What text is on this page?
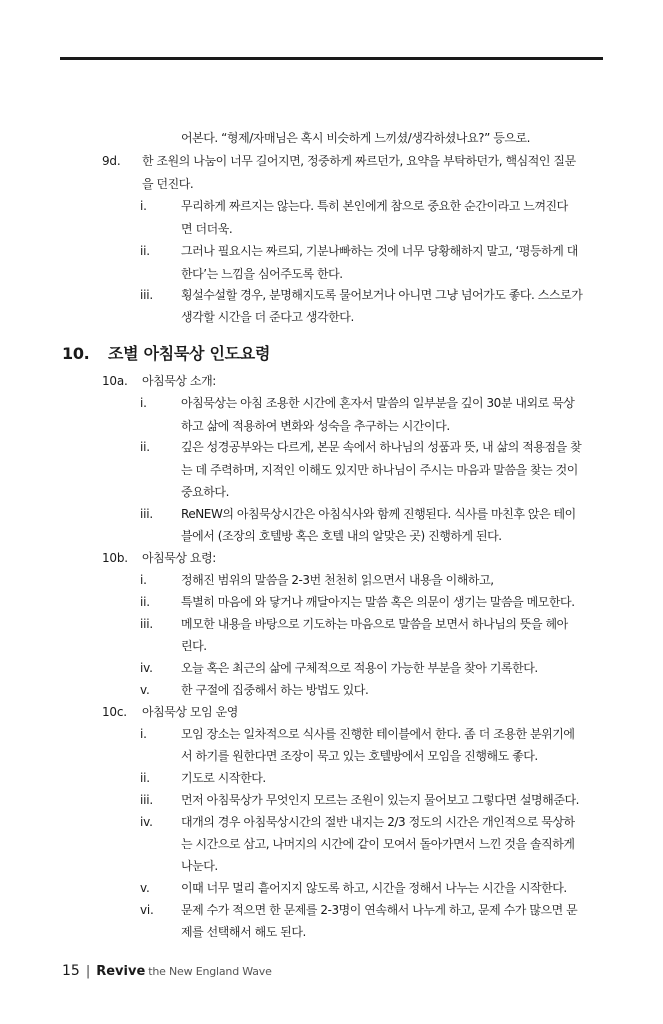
어본다. “형제/자매님은 혹시 비슷하게 느끼셨/생각하셨나요?” 등으로.
9d. 한 조원의 나눔이 너무 길어지면, 정중하게 짜르던가, 요약을 부탁하던가, 핵심적인 질문
을 던진다.
i.	무리하게 짜르지는 않는다. 특히 본인에게 참으로 중요한 순간이라고 느껴진다
면 더더욱.
ii.	그러나 필요시는 짜르되, 기분나빠하는 것에 너무 당황해하지 말고, ‘평등하게 대
한다’는 느낌을 심어주도록 한다.
iii. 횡설수설할 경우, 분명해지도록 물어보거나 아니면 그냥 넘어가도 좋다. 스스로가
생각할 시간을 더 준다고 생각한다.
10. 조별 아침묵상 인도요령
10a. 아침묵상 소개:
i.	아침묵상는 아침 조용한 시간에 혼자서 말씀의 일부분을 깊이 30분 내외로 묵상
하고 삶에 적용하여 변화와 성숙을 추구하는 시간이다.
ii.	깊은 성경공부와는 다르게, 본문 속에서 하나님의 성품과 뜻, 내 삶의 적용점을 찾
는 데 주력하며, 지적인 이해도 있지만 하나님이 주시는 마음과 말씀을 찾는 것이
중요하다.
iii. ReNEW의 아침묵상시간은 아침식사와 함께 진행된다. 식사를 마친후 앉은 테이
블에서 (조장의 호텔방 혹은 호텔 내의 알맞은 곳) 진행하게 된다.
10b. 아침묵상 요령:
i.	정해진 범위의 말씀을 2-3번 천천히 읽으면서 내용을 이해하고,
ii.	특별히 마음에 와 닿거나 깨달아지는 말씀 혹은 의문이 생기는 말씀을 메모한다.
iii. 메모한 내용을 바탕으로 기도하는 마음으로 말씀을 보면서 하나님의 뜻을 헤아
린다.
iv. 오늘 혹은 최근의 삶에 구체적으로 적용이 가능한 부분을 찾아 기록한다.
v.	한 구절에 집중해서 하는 방법도 있다.
10c. 아침묵상 모임 운영
i.	모임 장소는 일차적으로 식사를 진행한 테이블에서 한다. 좀 더 조용한 분위기에
서 하기를 원한다면 조장이 묵고 있는 호텔방에서 모임을 진행해도 좋다.
ii.	기도로 시작한다.
iii. 먼저 아침묵상가 무엇인지 모르는 조원이 있는지 물어보고 그렇다면 설명해준다.
iv. 대개의 경우 아침묵상시간의 절반 내지는 2/3 정도의 시간은 개인적으로 묵상하
는 시간으로 삼고, 나머지의 시간에 같이 모여서 돌아가면서 느낀 것을 솔직하게
나눈다.
v.	이때 너무 멀리 흩어지지 않도록 하고, 시간을 정해서 나누는 시간을 시작한다.
vi. 문제 수가 적으면 한 문제를 2-3명이 연속해서 나누게 하고, 문제 수가 많으면 문
제를 선택해서 해도 된다.
15 | Revive the New England Wave
